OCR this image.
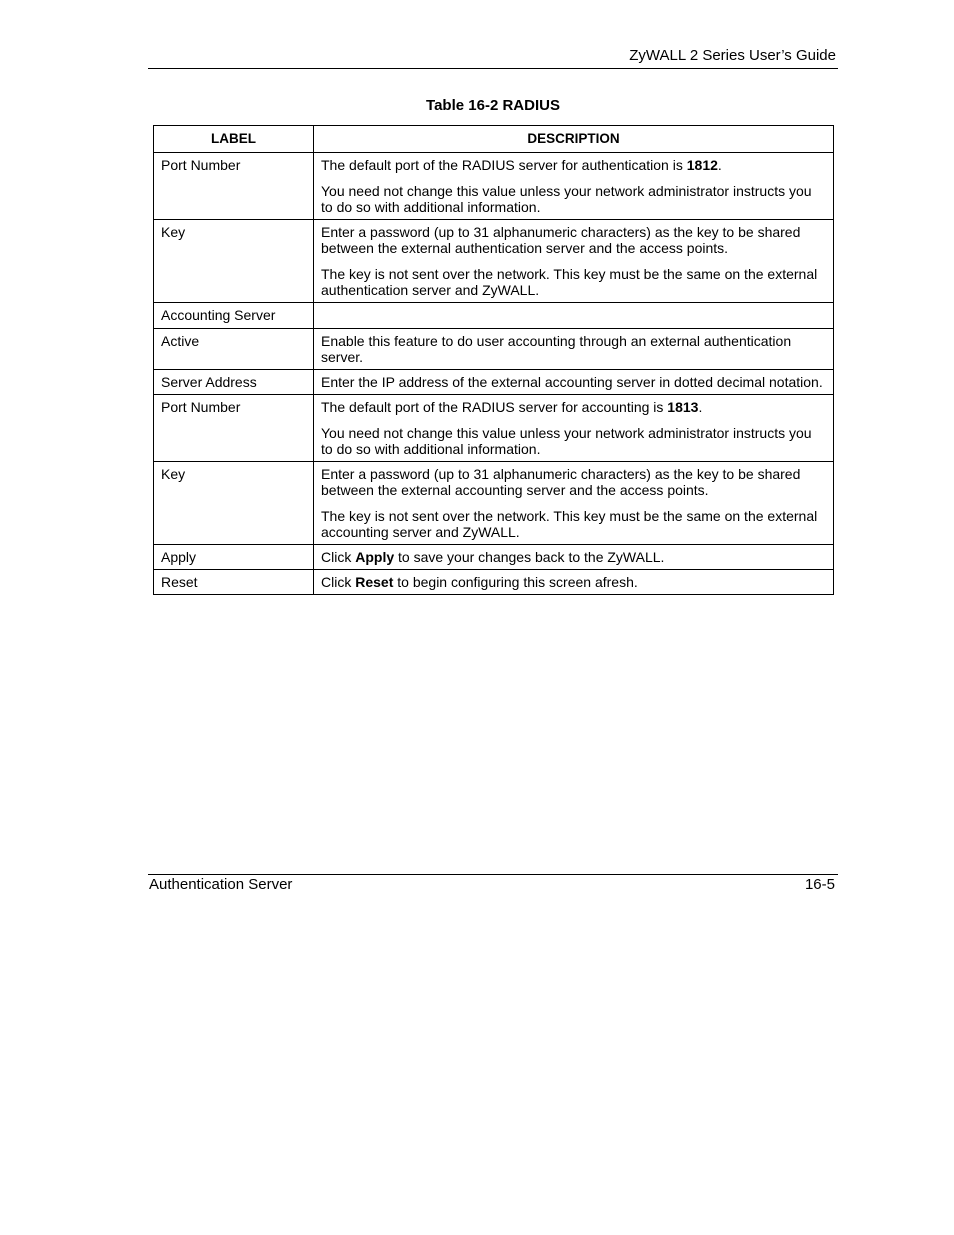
ZyWALL 2 Series User’s Guide
Table 16-2 RADIUS
LABEL	DESCRIPTION
Port Number	The default port of the RADIUS server for authentication is 1812.

You need not change this value unless your network administrator instructs you to do so with additional information.

Key	Enter a password (up to 31 alphanumeric characters) as the key to be shared between the external authentication server and the access points.

The key is not sent over the network. This key must be the same on the external authentication server and ZyWALL.

Accounting Server	
Active	Enable this feature to do user accounting through an external authentication server.

Server Address	Enter the IP address of the external accounting server in dotted decimal notation.

Port Number	The default port of the RADIUS server for accounting is 1813.

You need not change this value unless your network administrator instructs you to do so with additional information.

Key	Enter a password (up to 31 alphanumeric characters) as the key to be shared between the external accounting server and the access points.

The key is not sent over the network. This key must be the same on the external accounting server and ZyWALL.

Apply	Click Apply to save your changes back to the ZyWALL.

Reset	Click Reset to begin configuring this screen afresh.

Authentication Server	16-5
